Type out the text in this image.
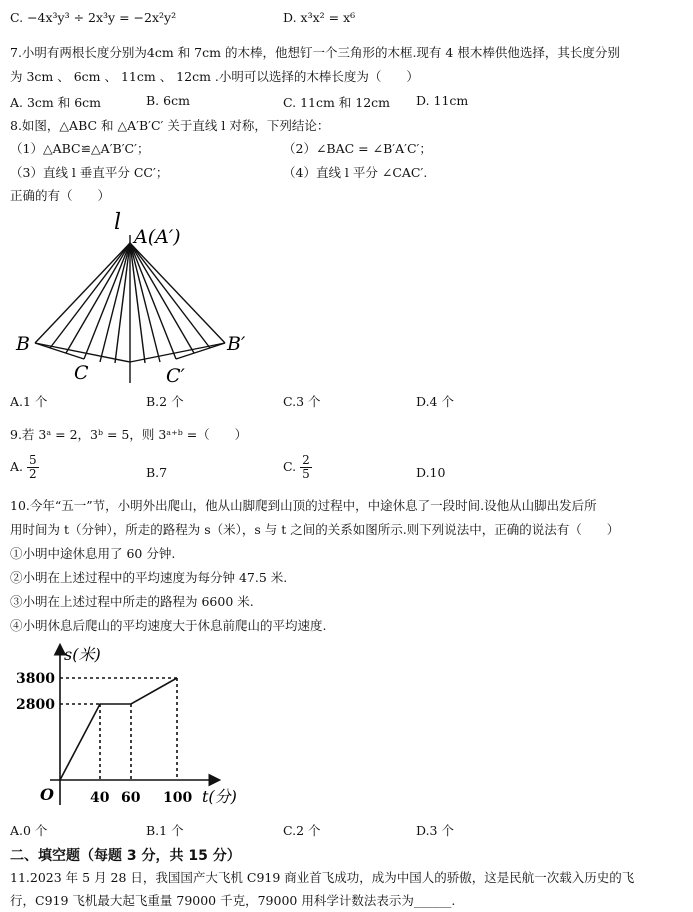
C. −4x³y³ ÷ 2x³y = −2x²y²	D. x³x² = x⁶
7.小明有两根长度分别为4cm 和 7cm 的木棒，他想钉一个三角形的木框.现有 4 根木棒供他选择，其长度分别
为 3cm 、 6cm 、 11cm 、 12cm .小明可以选择的木棒长度为（　　）
A. 3cm 和 6cm	B. 6cm	C. 11cm 和 12cm D. 11cm
8.如图，△ABC 和 △A′B′C′ 关于直线 l 对称，下列结论：
（1）△ABC≌△A′B′C′；	（2）∠BAC = ∠B′A′C′；
（3）直线 l 垂直平分 CC′；	（4）直线 l 平分 ∠CAC′.
正确的有（　　）
l
A(A′)
B	B′
C	C′
A.1 个	B.2 个	C.3 个	D.4 个
9.若 3ᵃ = 2，3ᵇ = 5，则 3ᵃ⁺ᵇ =（　　）
A. $\frac{5}{2}$	B.7	C. $\frac{2}{5}$	D.10
10.今年“五一”节，小明外出爬山，他从山脚爬到山顶的过程中，中途休息了一段时间.设他从山脚出发后所
用时间为 t（分钟），所走的路程为 s（米），s 与 t 之间的关系如图所示.则下列说法中，正确的说法有（　　）
①小明中途休息用了 60 分钟.
②小明在上述过程中的平均速度为每分钟 47.5 米.
③小明在上述过程中所走的路程为 6600 米.
④小明休息后爬山的平均速度大于休息前爬山的平均速度.
s(米)
t(分)
3800
2800
O	40 60 100
A.0 个	B.1 个	C.2 个	D.3 个
二、填空题（每题 3 分，共 15 分）
11.2023 年 5 月 28 日，我国国产大飞机 C919 商业首飞成功，成为中国人的骄傲，这是民航一次载入历史的飞
行，C919 飞机最大起飞重量 79000 千克，79000 用科学计数法表示为______.
